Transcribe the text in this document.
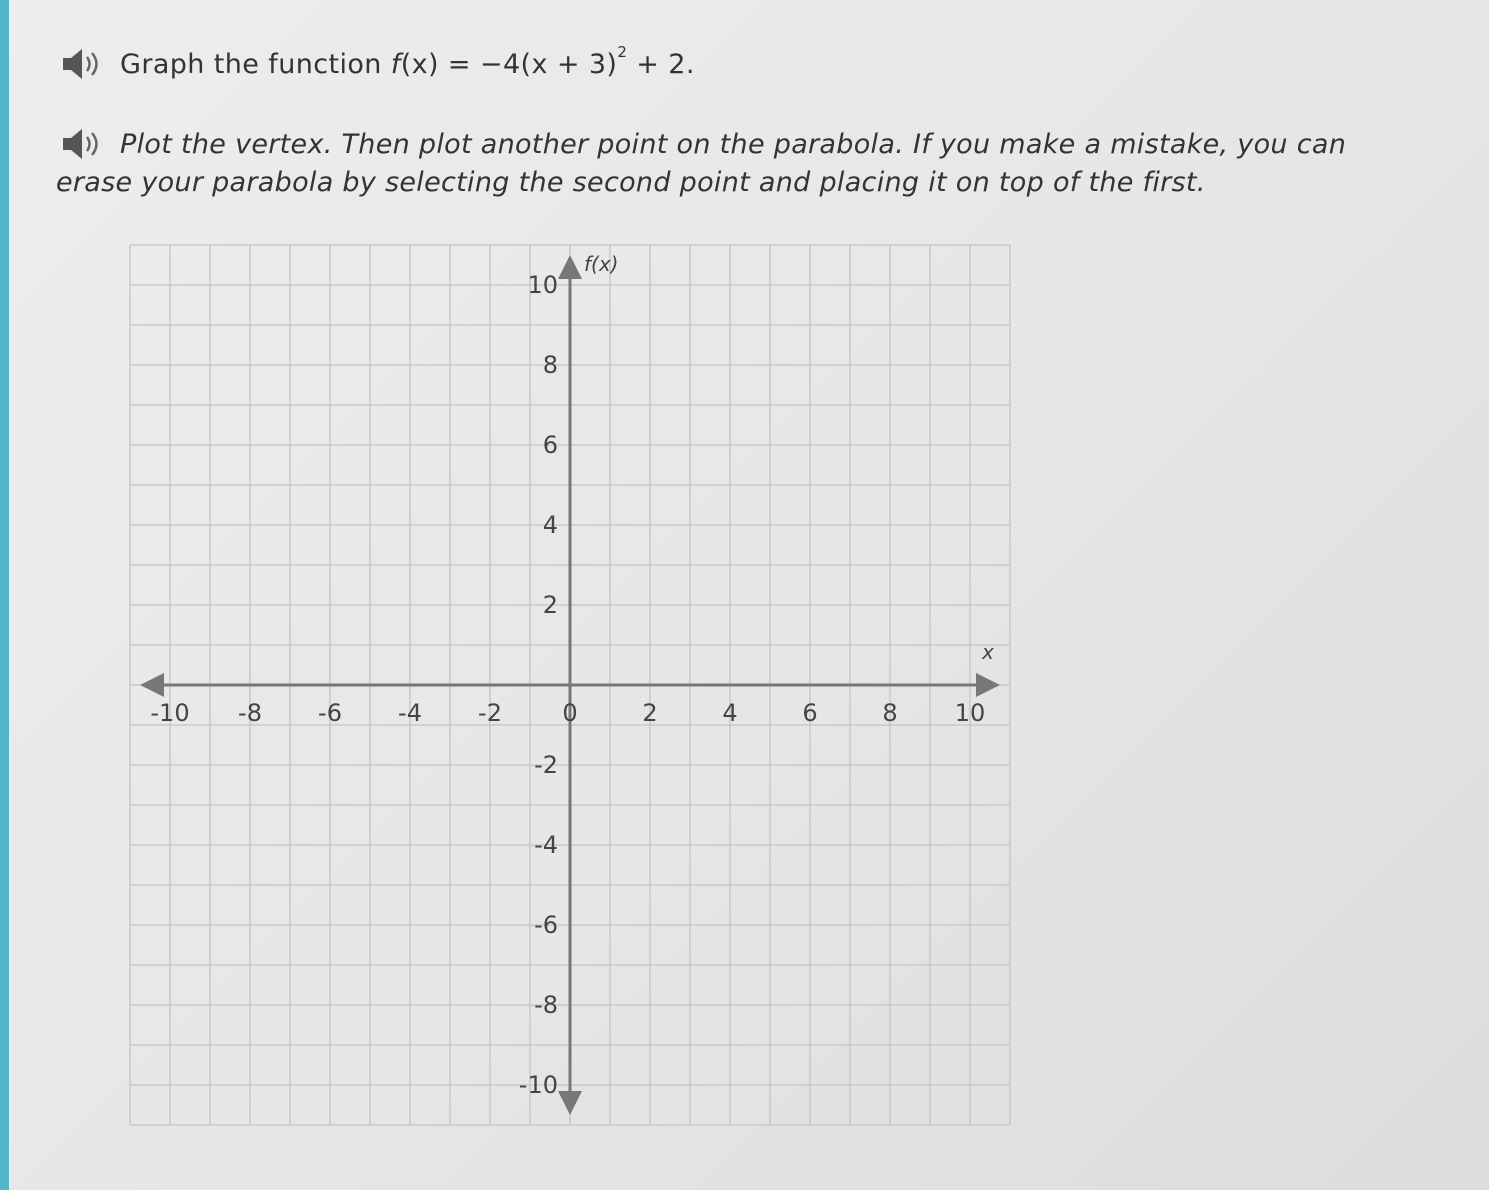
Graph the function $f(x) = -4(x + 3)^2 + 2$.
Plot the vertex. Then plot another point on the parabola. If you make a mistake, you can
erase your parabola by selecting the second point and placing it on top of the first.
-10 -8 -6 -4 -2	0	2	4	6	8 10
-10
-8
-6
-4
-2
2
4
6
8
10
x
f(x)
